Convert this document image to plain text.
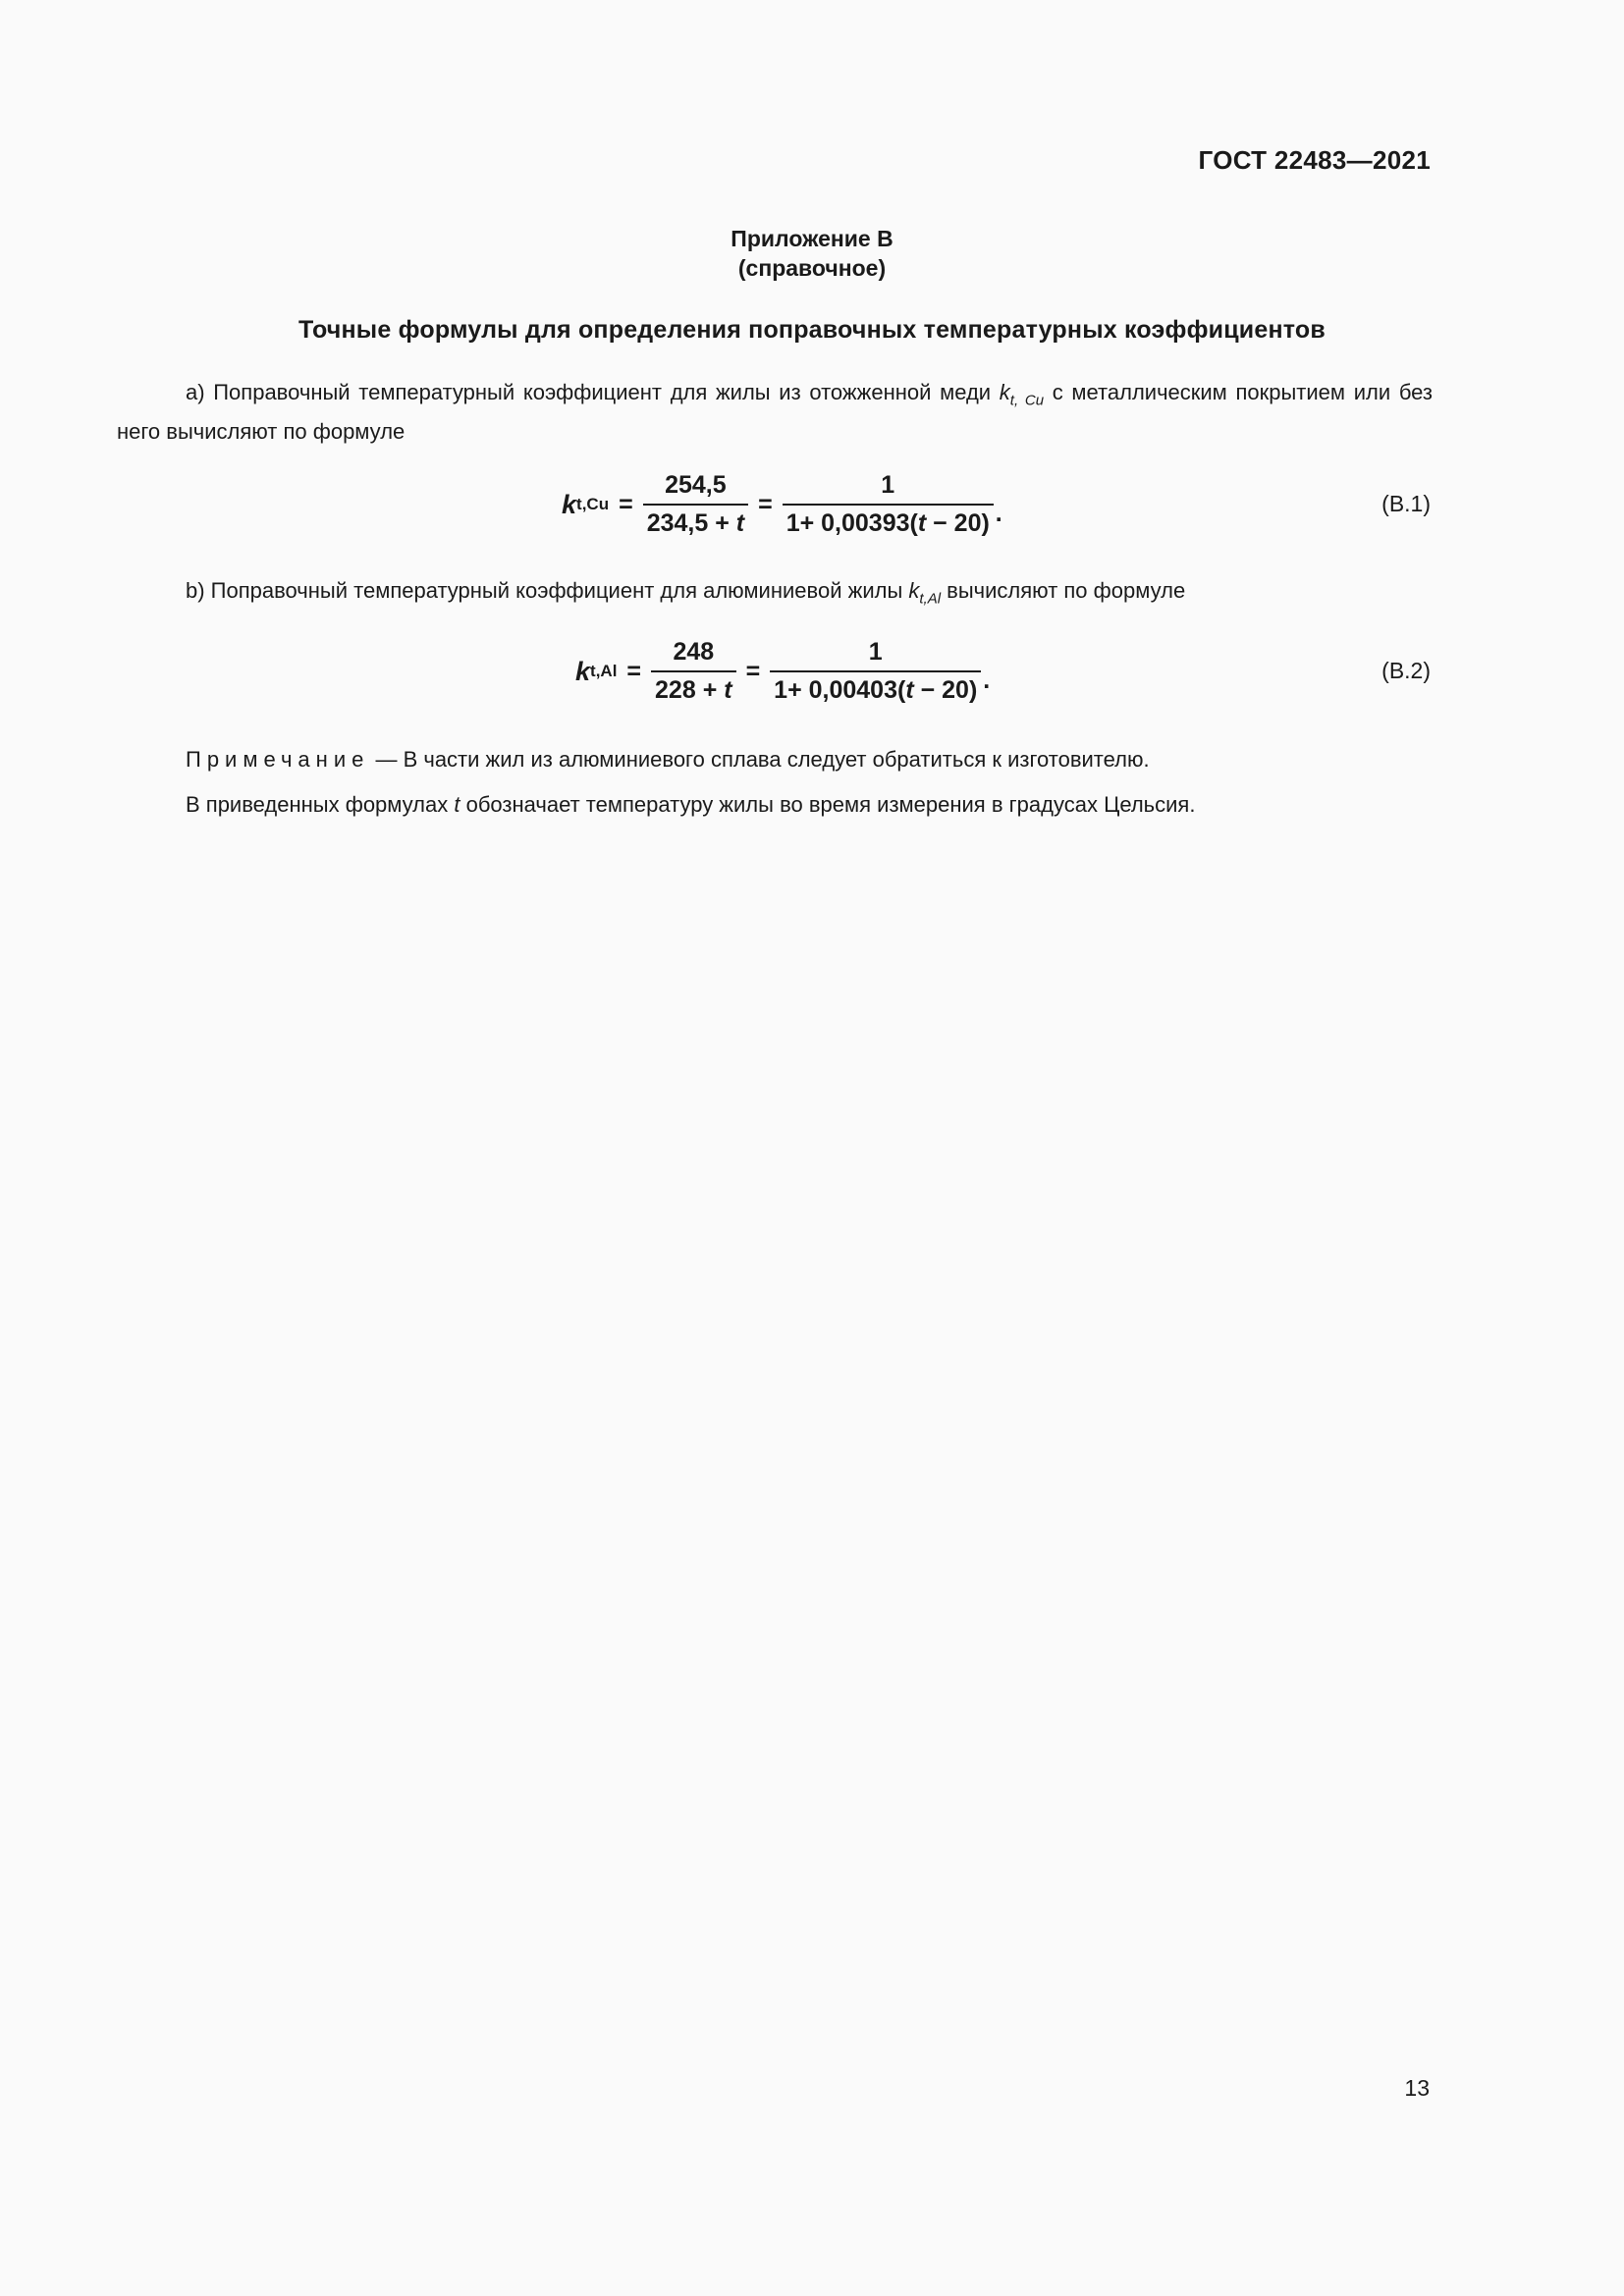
ГОСТ 22483—2021
Приложение В
(справочное)
Точные формулы для определения поправочных температурных коэффициентов
a) Поправочный температурный коэффициент для жилы из отожженной меди $k_{t, Cu}$ с металлическим покрытием или без него вычисляют по формуле
k $t,Cu = \frac{254,5}{234,5 + t} = \frac{1}{1+ 0,00393(t - 20)}$ .	(B.1)
b) Поправочный температурный коэффициент для алюминиевой жилы $k_{t,Al}$ вычисляют по формуле
k $t,Al = \frac{248}{228 + t} = \frac{1}{1+ 0,00403(t - 20)}$ .	(B.2)
Примечание — В части жил из алюминиевого сплава следует обратиться к изготовителю.
В приведенных формулах t обозначает температуру жилы во время измерения в градусах Цельсия.
13
